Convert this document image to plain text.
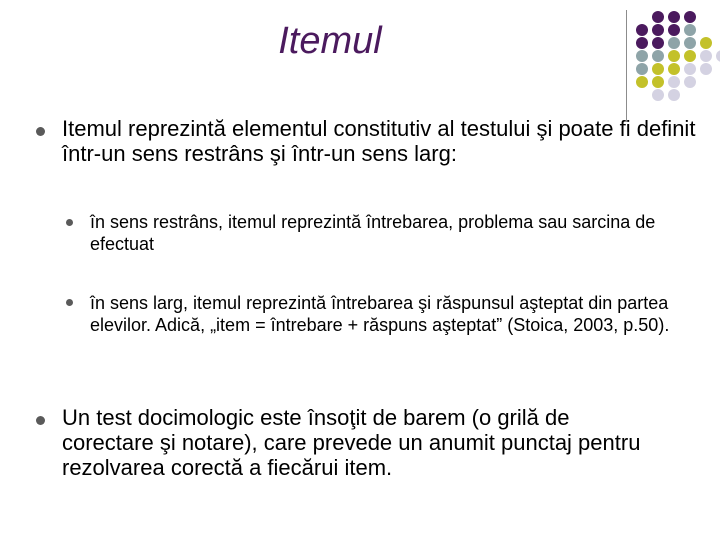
Itemul
Itemul reprezintă elementul constitutiv al testului şi poate fi definit într-un sens restrâns şi într-un sens larg:
în sens restrâns, itemul reprezintă întrebarea, problema sau sarcina de efectuat
în sens larg, itemul reprezintă întrebarea şi răspunsul aşteptat din partea elevilor. Adică, „item = întrebare + răspuns aşteptat” (Stoica, 2003, p.50).
Un test docimologic este însoţit de barem (o grilă de corectare şi notare), care prevede un anumit punctaj pentru rezolvarea corectă a fiecărui item.
